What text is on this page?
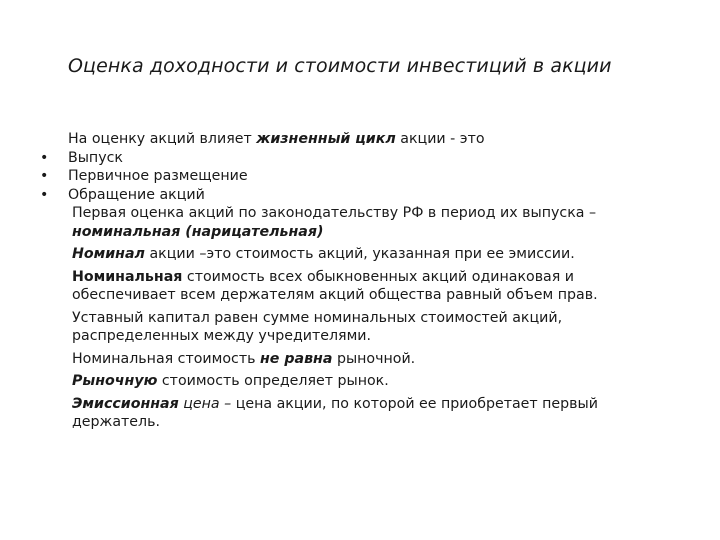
Оценка доходности и стоимости инвестиций в акции
На оценку акций влияет жизненный цикл акции - это
• Выпуск
• Первичное размещение
• Обращение акций
Первая оценка акций по законодательству РФ в период их выпуска –
номинальная (нарицательная)
Номинал акции –это стоимость акций, указанная при ее эмиссии.
Номинальная стоимость всех обыкновенных акций одинаковая и
обеспечивает всем держателям акций общества равный объем прав.
Уставный капитал равен сумме номинальных стоимостей акций,
распределенных между учредителями.
Номинальная стоимость не равна рыночной.
Рыночную стоимость определяет рынок.
Эмиссионная цена – цена акции, по которой ее приобретает первый
держатель.
